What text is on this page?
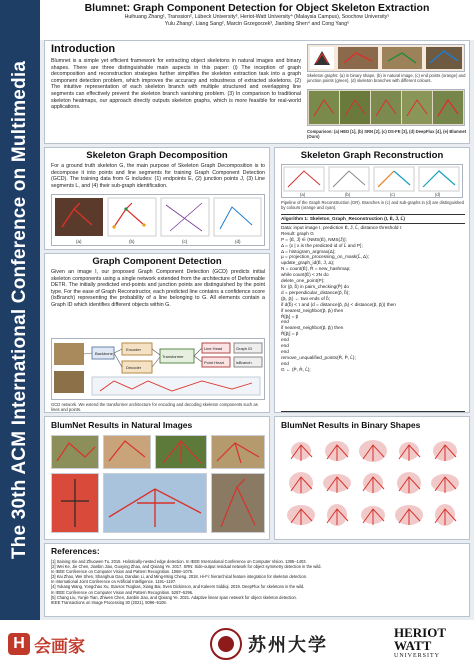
The 30th ACM International Conference on Multimedia
Blumnet: Graph Component Detection for Object Skeleton Extraction
Huihuang Zhang¹, Transsion², Lübeck University³, Heriot-Watt University⁴ (Malaysia Campus), Soochow University⁵
Yulu Zhang¹, Liang Sang², Marcin Grzegorzek³, Jianbing Shen⁴ and Cong Yang⁵
Introduction
Blumnet is a simple yet efficient framework for extracting object skeletons in natural images and binary shapes. There are three distinguishable main aspects in this paper: (i) The inception of graph decomposition and reconstruction strategies further simplifies the skeleton extraction task into a graph component detection problem, which improves the accuracy and robustness of extracted skeletons. (2) The intuitive representation of each skeleton branch with multiple structured and overlapping line segments can effectively prevent the skeleton branch vanishing problem. (3) In comparison to traditional skeleton heatmaps, our approach directly outputs skeleton graphs, which is more feasible for real-world applications.
Skeleton graphs: (a) in binary shape, (b) in natural image, (c) end points (orange) and junction points (green), (d) skeleton branches with different colours.
Comparison: (a) HED [1], (b) SRN [2], (c) DS-FE [3], (d) DeepFlux [4], (e) Blumnet (Ours)
Skeleton Graph Decomposition
For a ground truth skeleton G, the main purpose of Skeleton Graph Decomposition is to decompose it into points and line segments for training Graph Component Detection (GCD). The training data from G includes: (1) endpoints E, (2) junction points J, (3) Line segments L, and (4) their sub-graph identification.
(a)	(b)	(c)	(d)
Graph Component Detection
Given an image I, our proposed Graph Component Detection (GCD) predicts initial skeleton components using a single network extended from the architecture of Deformable DETR. The initially predicted end-points and junction points are distinguished by the point type. For the ease of Graph Reconstructor, each predicted line contains a confidence score (isBranch) representing the probability of a line belonging to G. All elements contain a Graph ID which identifies different objects within G.
Backbone
Encoder
Decoder
Transformer
Line Head
Point Head
Graph ID
isBranch
GCD network. We extend the transformer architecture for encoding and decoding skeleton components such as lines and points.
Skeleton Graph Reconstruction
(a)	(b)	(c)	(d)
Pipeline of the Graph Reconstruction (GR). Branches in (c) and sub-graphs in (d) are distinguished by colours (orange and cyan).
Algorithm 1: Skeleton_Graph_Reconstruction (I, Ê, Ĵ, L̂)
Data: input image I, prediction Ê, Ĵ, L̂, distance threshold τ
Result: graph G
P = {Ê, Ĵ} ∈ (NMS(Ê), NMS(Ĵ));
Δ = {x | x is the predicted id of L̂ and P};
Δ = histogram_argmax(Δ);
µ = projection_processing_on_mask(L̂, Δ);
update_graph_id(Ê, Ĵ, Δ);
N = count(Ê), R̂ = new_hashmap;
while count(Ê) < 2N do
delete_one_point(P);
for (p̂, b̂) in pairs_checking(P̂) do
d = perpendicular_distance(p̂, b̂);
(p̂ᵢ, p̂ⱼ) ← two ends of b̂;
if d(b̂) < τ and (d = distance(p̂, p̂ᵢ) < distance(p̂, p̂ⱼ)) then
if nearest_neighbor(p̂, p̂ᵢ) then
R̂[p̂ᵢ] = p̂
end
if nearest_neighbor(p̂, p̂ⱼ) then
R̂[p̂ⱼ] = p̂
end
end
end
remove_unqualified_points(R̂, P̂, L̂);
end
G ← (P̂, R̂, L̂);
BlumNet Results in Natural Images	BlumNet Results in Binary Shapes
References:
[1] Saining Xie and Zhuowen Tu. 2015. Holistically-nested edge detection. In IEEE International Conference on Computer Vision. 1395–1403.
[2] Wei Ke, Jie Chen, Jianbin Jiao, Guoying Zhao, and Qixiang Ye. 2017. SRN: Side-output residual network for object symmetry detection in the wild.
In IEEE Conference on Computer Vision and Pattern Recognition. 1068–1076.
[3] Kai Zhao, Wei Shen, Shanghua Gao, Dandan Li, and Ming-Ming Cheng. 2018. Hi-Fi: hierarchical feature integration for skeleton detection.
In International Joint Conference on Artificial Intelligence. 1191–1197.
[4] Yukang Wang, Yongchao Xu, Stavros Tsogkas, Xiang Bai, Sven Dickinson, and Kaleem Siddiqi. 2019. DeepFlux for skeletons in the wild.
In IEEE Conference on Computer Vision and Pattern Recognition. 5287–5296.
[5] Chang Liu, Yunjie Tian, Zhiwen Chen, Jianbin Jiao, and Qixiang Ye. 2021. Adaptive linear span network for object skeleton detection.
IEEE Transactions on Image Processing 30 (2021), 5096–5108.
H 会画家	苏州大学
HERIOT
WATT
UNIVERSITY
